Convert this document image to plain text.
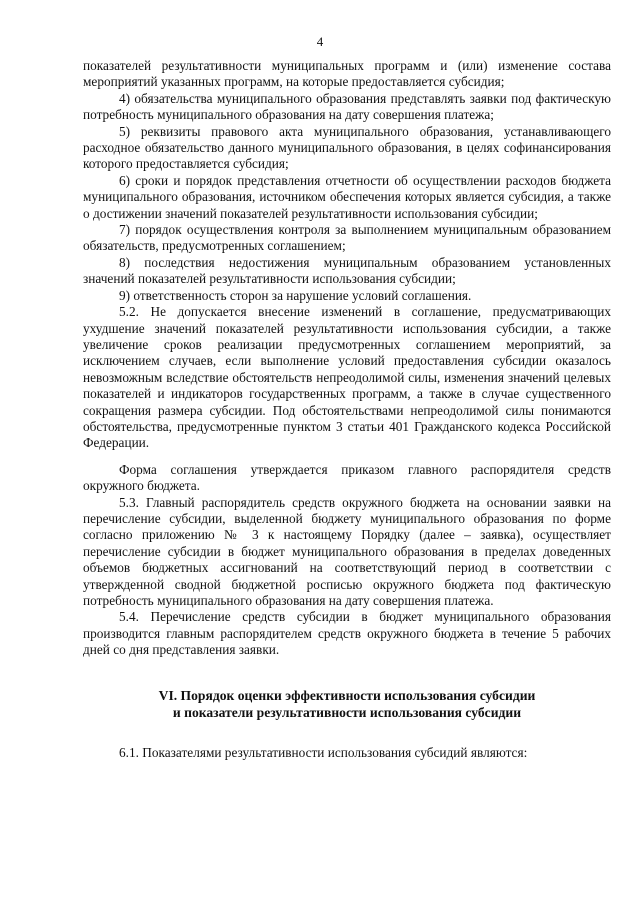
4

показателей результативности муниципальных программ и (или) изменение состава мероприятий указанных программ, на которые предоставляется субсидия;

4) обязательства муниципального образования представлять заявки под фактическую потребность муниципального образования на дату совершения платежа;

5) реквизиты правового акта муниципального образования, устанавливающего расходное обязательство данного муниципального образования, в целях софинансирования которого предоставляется субсидия;

6) сроки и порядок представления отчетности об осуществлении расходов бюджета муниципального образования, источником обеспечения которых является субсидия, а также о достижении значений показателей результативности использования субсидии;

7) порядок осуществления контроля за выполнением муниципальным образованием обязательств, предусмотренных соглашением;

8) последствия недостижения муниципальным образованием установленных значений показателей результативности использования субсидии;

9) ответственность сторон за нарушение условий соглашения.

5.2. Не допускается внесение изменений в соглашение, предусматривающих ухудшение значений показателей результативности использования субсидии, а также увеличение сроков реализации предусмотренных соглашением мероприятий, за исключением случаев, если выполнение условий предоставления субсидии оказалось невозможным вследствие обстоятельств непреодолимой силы, изменения значений целевых показателей и индикаторов государственных программ, а также в случае существенного сокращения размера субсидии. Под обстоятельствами непреодолимой силы понимаются обстоятельства, предусмотренные пунктом 3 статьи 401 Гражданского кодекса Российской Федерации.

Форма соглашения утверждается приказом главного распорядителя средств окружного бюджета.

5.3. Главный распорядитель средств окружного бюджета на основании заявки на перечисление субсидии, выделенной бюджету муниципального образования по форме согласно приложению № 3 к настоящему Порядку (далее – заявка), осуществляет перечисление субсидии в бюджет муниципального образования в пределах доведенных объемов бюджетных ассигнований на соответствующий период в соответствии с утвержденной сводной бюджетной росписью окружного бюджета под фактическую потребность муниципального образования на дату совершения платежа.

5.4. Перечисление средств субсидии в бюджет муниципального образования производится главным распорядителем средств окружного бюджета в течение 5 рабочих дней со дня представления заявки.

VI. Порядок оценки эффективности использования субсидии
и показатели результативности использования субсидии

6.1. Показателями результативности использования субсидий являются:
